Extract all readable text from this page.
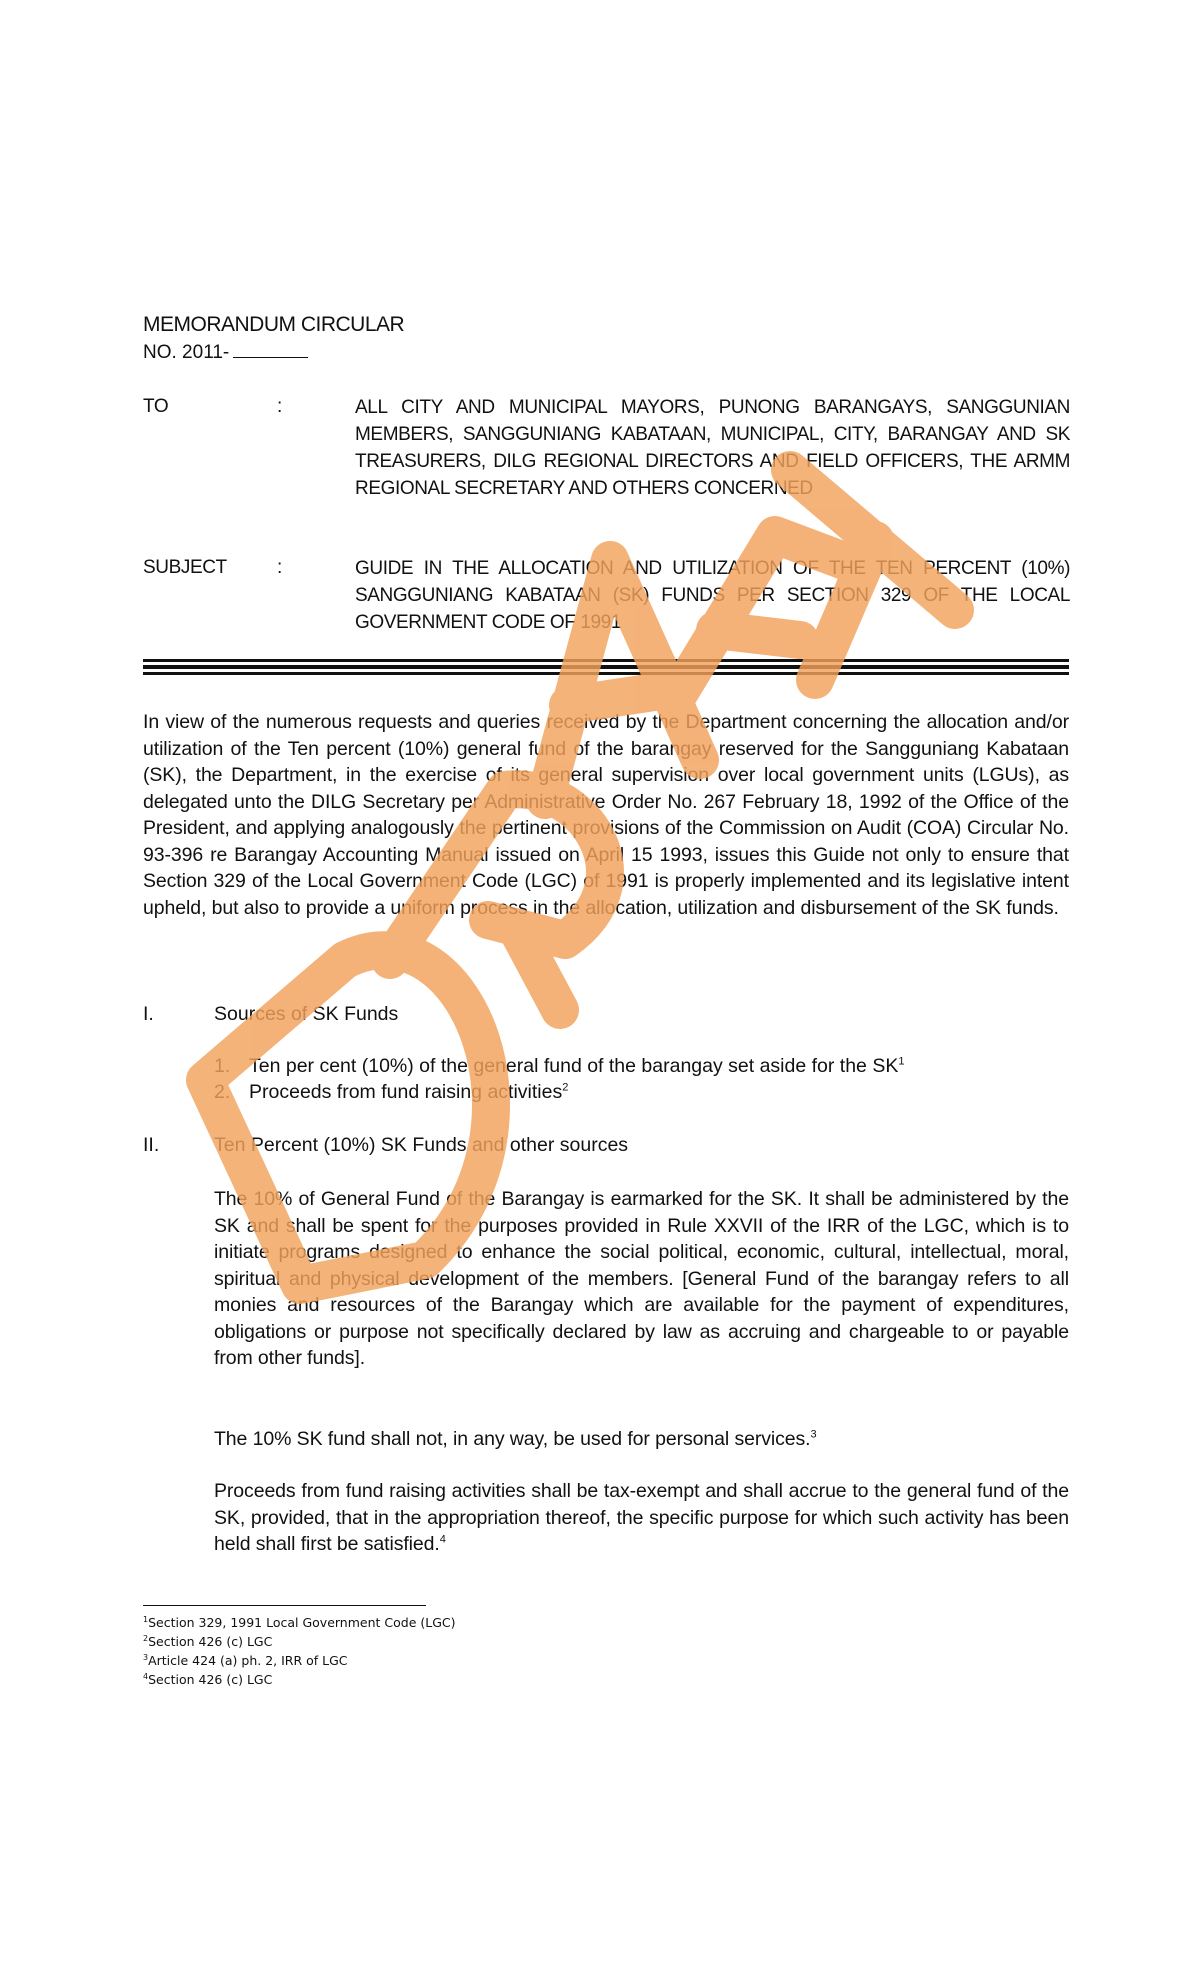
MEMORANDUM CIRCULAR
NO. 2011-
TO	:	ALL CITY AND MUNICIPAL MAYORS, PUNONG BARANGAYS, SANGGUNIAN MEMBERS, SANGGUNIANG KABATAAN, MUNICIPAL, CITY, BARANGAY AND SK TREASURERS, DILG REGIONAL DIRECTORS AND FIELD OFFICERS, THE ARMM REGIONAL SECRETARY AND OTHERS CONCERNED
SUBJECT	:	GUIDE IN THE ALLOCATION AND UTILIZATION OF THE TEN PERCENT (10%) SANGGUNIANG KABATAAN (SK) FUNDS PER SECTION 329 OF THE LOCAL GOVERNMENT CODE OF 1991
In view of the numerous requests and queries received by the Department concerning the allocation and/or utilization of the Ten percent (10%) general fund of the barangay reserved for the Sangguniang Kabataan (SK), the Department, in the exercise of its general supervision over local government units (LGUs), as delegated unto the DILG Secretary per Administrative Order No. 267 February 18, 1992 of the Office of the President, and applying analogously the pertinent provisions of the Commission on Audit (COA) Circular No. 93-396 re Barangay Accounting Manual issued on April 15 1993, issues this Guide not only to ensure that Section 329 of the Local Government Code (LGC) of 1991 is properly implemented and its legislative intent upheld, but also to provide a uniform process in the allocation, utilization and disbursement of the SK funds.
I.	Sources of SK Funds
1. Ten per cent (10%) of the general fund of the barangay set aside for the $SK^1$
2. Proceeds from fund raising activities$^2$
II.	Ten Percent (10%) SK Funds and other sources
The 10% of General Fund of the Barangay is earmarked for the SK. It shall be administered by the SK and shall be spent for the purposes provided in Rule XXVII of the IRR of the LGC, which is to initiate programs designed to enhance the social political, economic, cultural, intellectual, moral, spiritual and physical development of the members. [General Fund of the barangay refers to all monies and resources of the Barangay which are available for the payment of expenditures, obligations or purpose not specifically declared by law as accruing and chargeable to or payable from other funds].
The 10% SK fund shall not, in any way, be used for personal services.$^3$
Proceeds from fund raising activities shall be tax-exempt and shall accrue to the general fund of the SK, provided, that in the appropriation thereof, the specific purpose for which such activity has been held shall first be satisfied.$^4$
$^1$Section 329, 1991 Local Government Code (LGC)
$^2$Section 426 (c) LGC
$^3$Article 424 (a) ph. 2, IRR of LGC
$^4$Section 426 (c) LGC
